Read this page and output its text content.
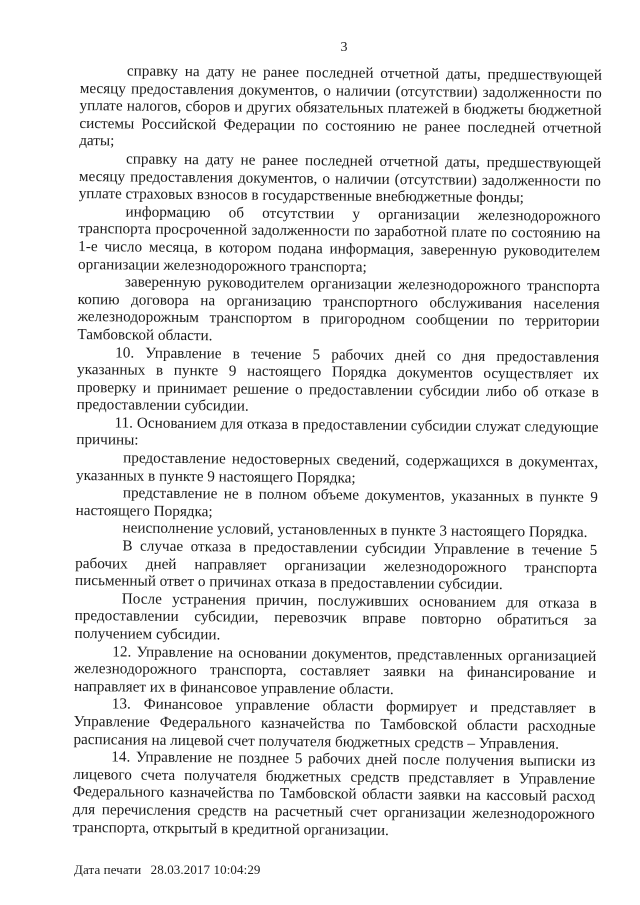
3

справку на дату не ранее последней отчетной даты, предшествующей месяцу предоставления документов, о наличии (отсутствии) задолженности по уплате налогов, сборов и других обязательных платежей в бюджеты бюджетной системы Российской Федерации по состоянию не ранее последней отчетной даты;

справку на дату не ранее последней отчетной даты, предшествующей месяцу предоставления документов, о наличии (отсутствии) задолженности по уплате страховых взносов в государственные внебюджетные фонды;

информацию об отсутствии у организации железнодорожного транспорта просроченной задолженности по заработной плате по состоянию на 1-е число месяца, в котором подана информация, заверенную руководителем организации железнодорожного транспорта;

заверенную руководителем организации железнодорожного транспорта копию договора на организацию транспортного обслуживания населения железнодорожным транспортом в пригородном сообщении по территории Тамбовской области.

10. Управление в течение 5 рабочих дней со дня предоставления указанных в пункте 9 настоящего Порядка документов осуществляет их проверку и принимает решение о предоставлении субсидии либо об отказе в предоставлении субсидии.

11. Основанием для отказа в предоставлении субсидии служат следующие причины:

предоставление недостоверных сведений, содержащихся в документах, указанных в пункте 9 настоящего Порядка;

представление не в полном объеме документов, указанных в пункте 9 настоящего Порядка;

неисполнение условий, установленных в пункте 3 настоящего Порядка.

В случае отказа в предоставлении субсидии Управление в течение 5 рабочих дней направляет организации железнодорожного транспорта письменный ответ о причинах отказа в предоставлении субсидии.

После устранения причин, послуживших основанием для отказа в предоставлении субсидии, перевозчик вправе повторно обратиться за получением субсидии.

12. Управление на основании документов, представленных организацией железнодорожного транспорта, составляет заявки на финансирование и направляет их в финансовое управление области.

13. Финансовое управление области формирует и представляет в Управление Федерального казначейства по Тамбовской области расходные расписания на лицевой счет получателя бюджетных средств – Управления.

14. Управление не позднее 5 рабочих дней после получения выписки из лицевого счета получателя бюджетных средств представляет в Управление Федерального казначейства по Тамбовской области заявки на кассовый расход для перечисления средств на расчетный счет организации железнодорожного транспорта, открытый в кредитной организации.

Дата печати 28.03.2017 10:04:29
